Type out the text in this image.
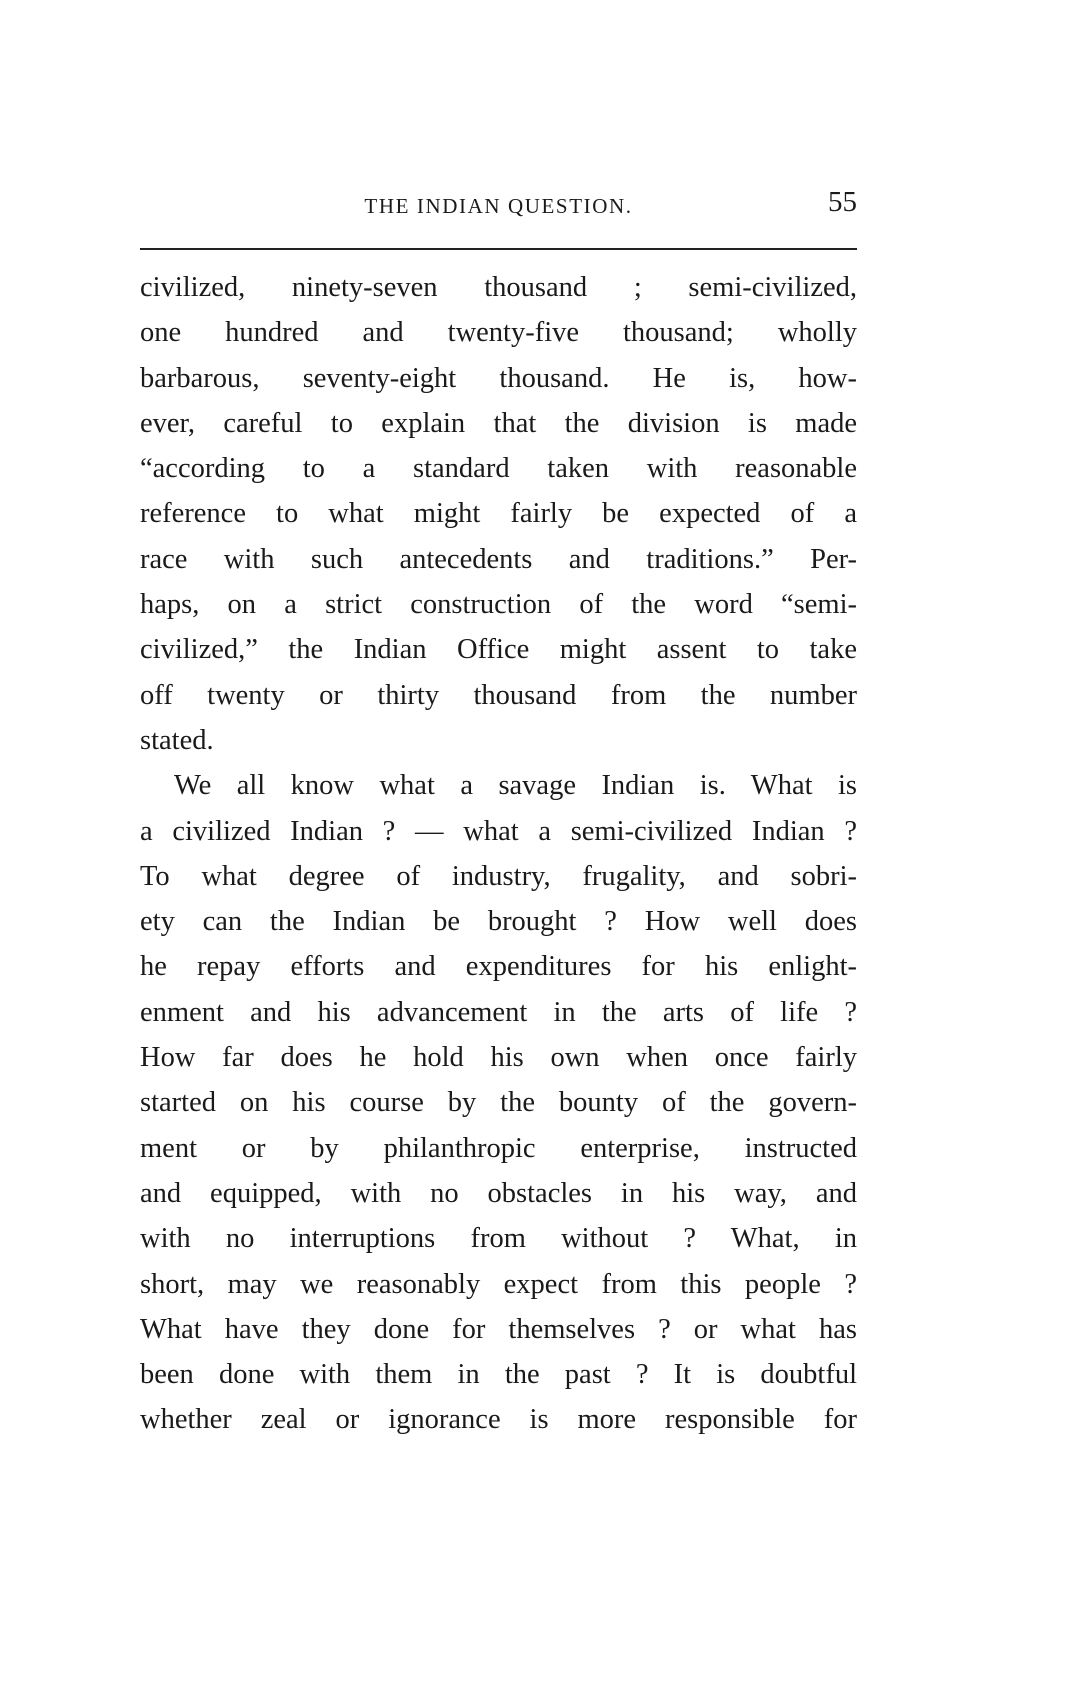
THE INDIAN QUESTION.	55
civilized, ninety-seven thousand ; semi-civilized,
one hundred and twenty-five thousand; wholly
barbarous, seventy-eight thousand. He is, how-
ever, careful to explain that the division is made
“according to a standard taken with reasonable
reference to what might fairly be expected of a
race with such antecedents and traditions.” Per-
haps, on a strict construction of the word “semi-
civilized,” the Indian Office might assent to take
off twenty or thirty thousand from the number
stated.
We all know what a savage Indian is. What is
a civilized Indian ? — what a semi-civilized Indian ?
To what degree of industry, frugality, and sobri-
ety can the Indian be brought ? How well does
he repay efforts and expenditures for his enlight-
enment and his advancement in the arts of life ?
How far does he hold his own when once fairly
started on his course by the bounty of the govern-
ment or by philanthropic enterprise, instructed
and equipped, with no obstacles in his way, and
with no interruptions from without ? What, in
short, may we reasonably expect from this people ?
What have they done for themselves ? or what has
been done with them in the past ? It is doubtful
whether zeal or ignorance is more responsible for
